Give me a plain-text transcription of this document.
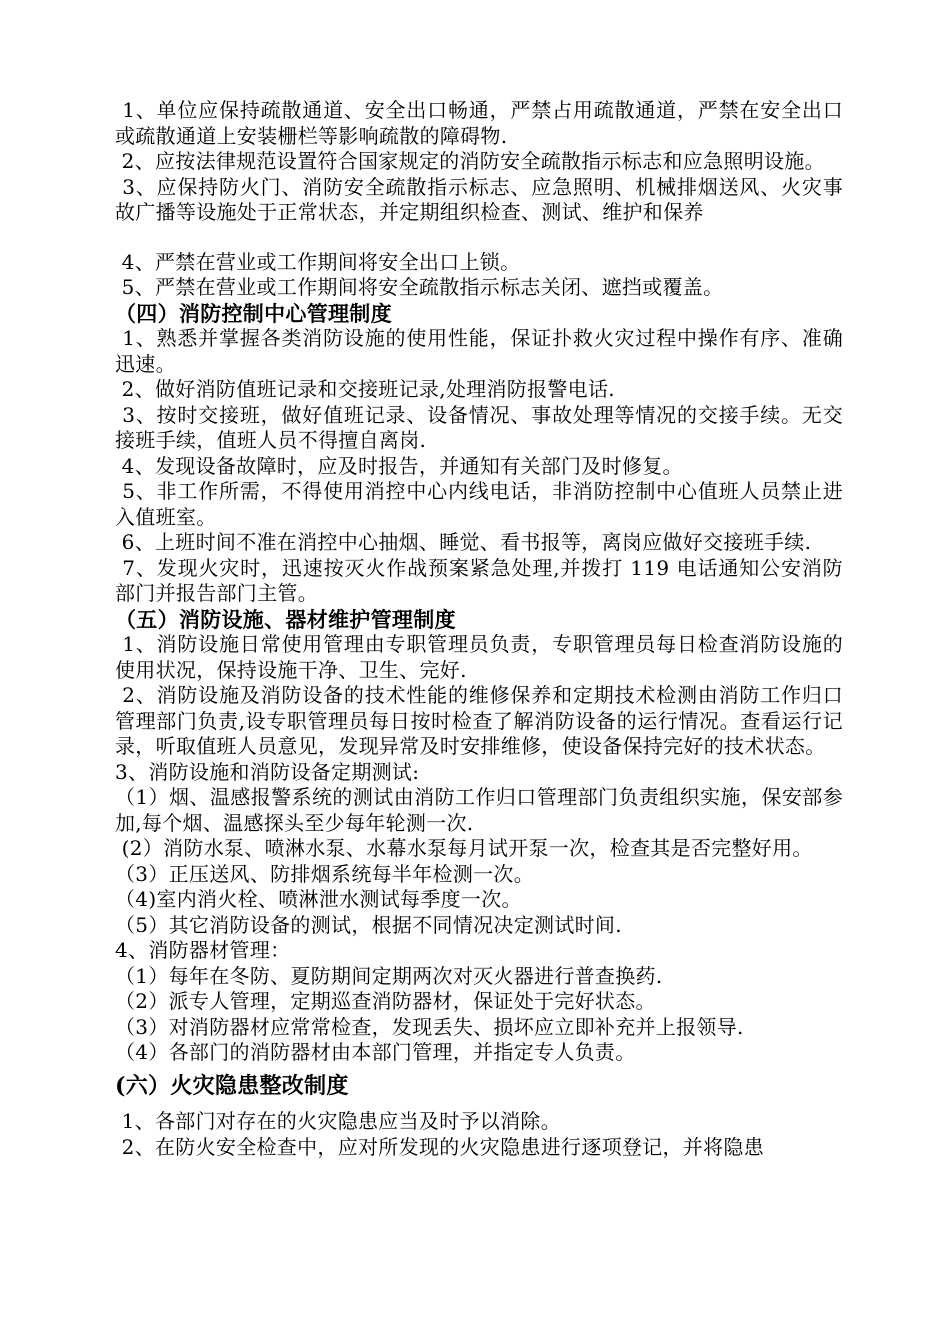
1、单位应保持疏散通道、安全出口畅通，严禁占用疏散通道，严禁在安全出口或疏散通道上安装栅栏等影响疏散的障碍物.
2、应按法律规范设置符合国家规定的消防安全疏散指示标志和应急照明设施。
3、应保持防火门、消防安全疏散指示标志、应急照明、机械排烟送风、火灾事故广播等设施处于正常状态，并定期组织检查、测试、维护和保养
4、严禁在营业或工作期间将安全出口上锁。
5、严禁在营业或工作期间将安全疏散指示标志关闭、遮挡或覆盖。
（四）消防控制中心管理制度
1、熟悉并掌握各类消防设施的使用性能，保证扑救火灾过程中操作有序、准确迅速。
2、做好消防值班记录和交接班记录,处理消防报警电话.
3、按时交接班，做好值班记录、设备情况、事故处理等情况的交接手续。无交接班手续，值班人员不得擅自离岗.
4、发现设备故障时，应及时报告，并通知有关部门及时修复。
5、非工作所需，不得使用消控中心内线电话，非消防控制中心值班人员禁止进入值班室。
6、上班时间不准在消控中心抽烟、睡觉、看书报等，离岗应做好交接班手续.
7、发现火灾时，迅速按灭火作战预案紧急处理,并拨打 119 电话通知公安消防部门并报告部门主管。
（五）消防设施、器材维护管理制度
1、消防设施日常使用管理由专职管理员负责，专职管理员每日检查消防设施的使用状况，保持设施干净、卫生、完好.
2、消防设施及消防设备的技术性能的维修保养和定期技术检测由消防工作归口管理部门负责,设专职管理员每日按时检查了解消防设备的运行情况。查看运行记录，听取值班人员意见，发现异常及时安排维修，使设备保持完好的技术状态。
3、消防设施和消防设备定期测试:
（1）烟、温感报警系统的测试由消防工作归口管理部门负责组织实施，保安部参加,每个烟、温感探头至少每年轮测一次.
(2）消防水泵、喷淋水泵、水幕水泵每月试开泵一次，检查其是否完整好用。
（3）正压送风、防排烟系统每半年检测一次。
（4)室内消火栓、喷淋泄水测试每季度一次。
（5）其它消防设备的测试，根据不同情况决定测试时间.
4、消防器材管理：
（1）每年在冬防、夏防期间定期两次对灭火器进行普查换药.
（2）派专人管理，定期巡查消防器材，保证处于完好状态。
（3）对消防器材应常常检查，发现丢失、损坏应立即补充并上报领导.
（4）各部门的消防器材由本部门管理，并指定专人负责。
(六）火灾隐患整改制度
1、各部门对存在的火灾隐患应当及时予以消除。
2、在防火安全检查中，应对所发现的火灾隐患进行逐项登记，并将隐患
